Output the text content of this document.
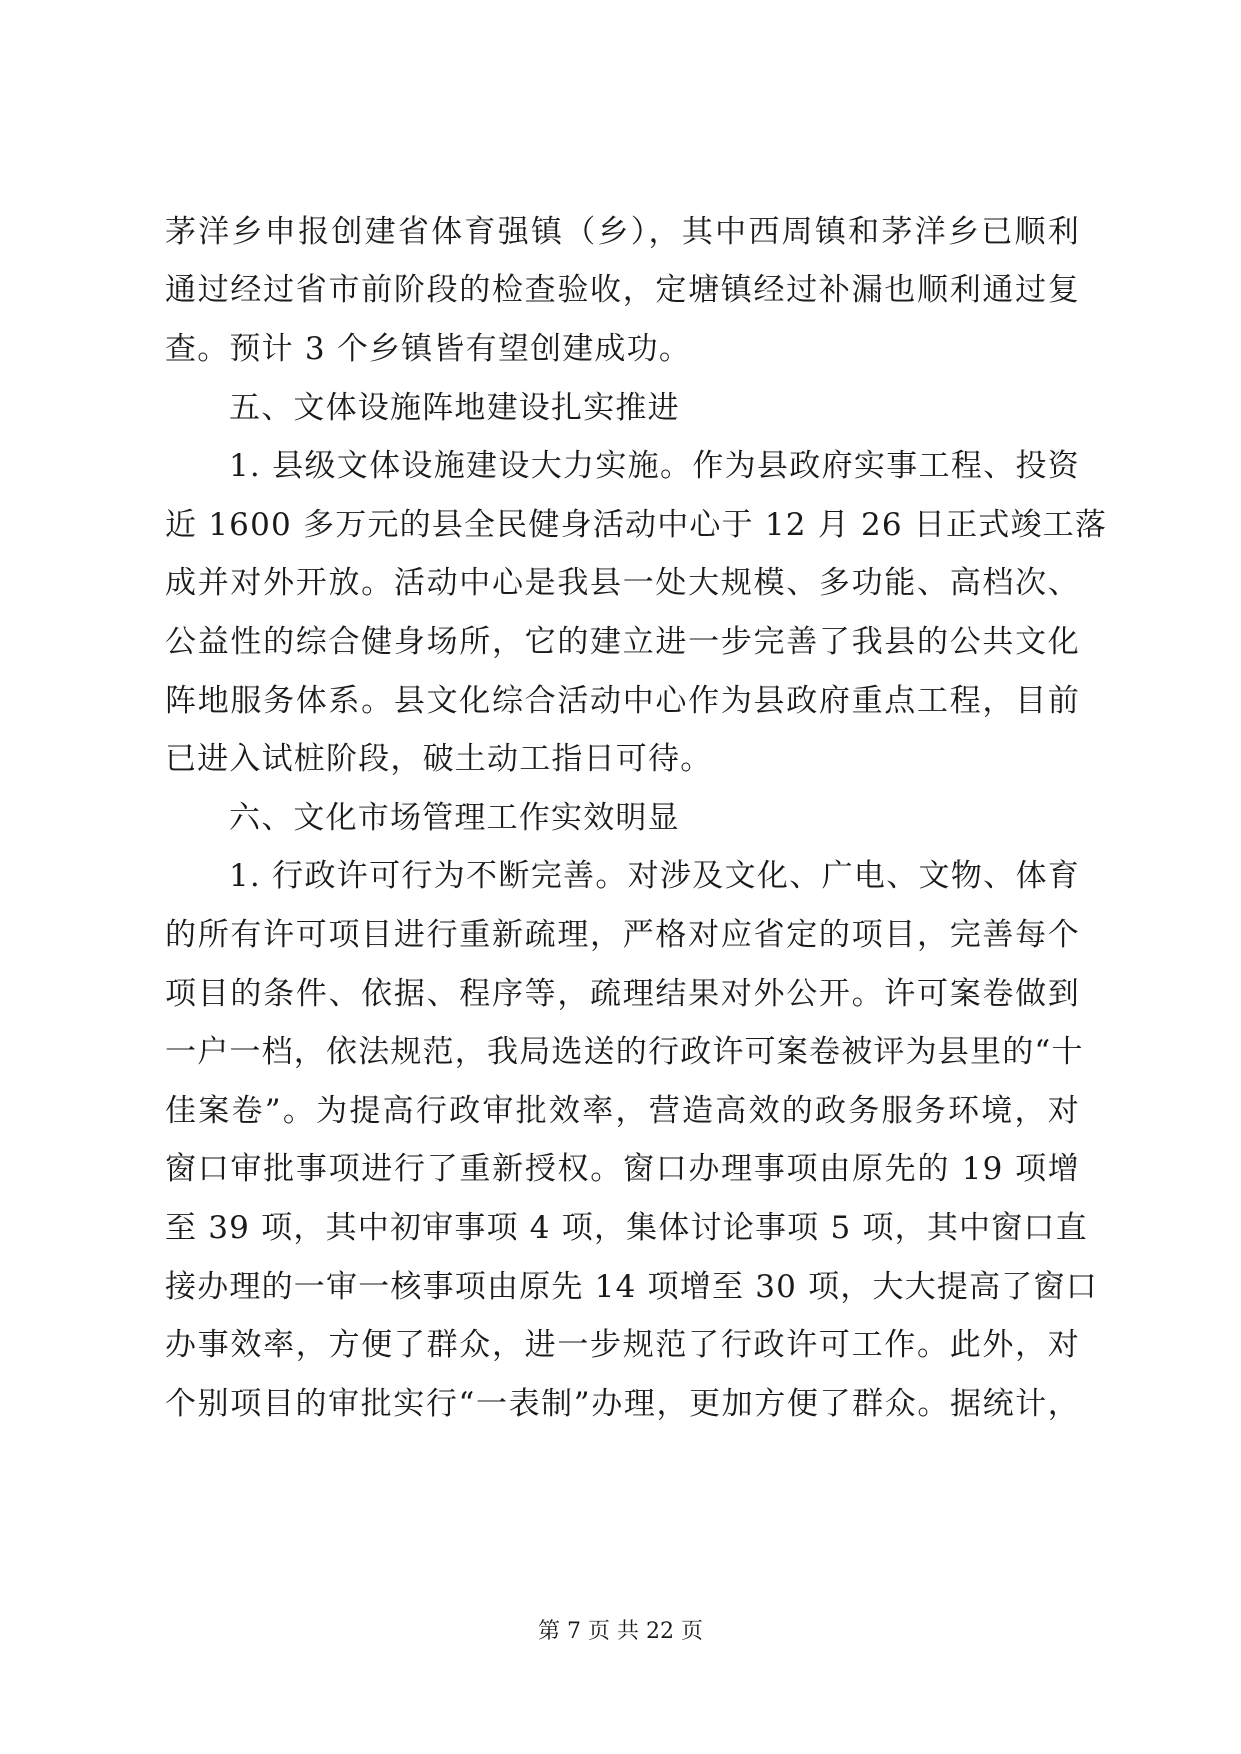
茅洋乡申报创建省体育强镇（乡），其中西周镇和茅洋乡已顺利
通过经过省市前阶段的检查验收，定塘镇经过补漏也顺利通过复
查。预计 3 个乡镇皆有望创建成功。
五、文体设施阵地建设扎实推进
1. 县级文体设施建设大力实施。作为县政府实事工程、投资
近 1600 多万元的县全民健身活动中心于 12 月 26 日正式竣工落
成并对外开放。活动中心是我县一处大规模、多功能、高档次、
公益性的综合健身场所，它的建立进一步完善了我县的公共文化
阵地服务体系。县文化综合活动中心作为县政府重点工程，目前
已进入试桩阶段，破土动工指日可待。
六、文化市场管理工作实效明显
1. 行政许可行为不断完善。对涉及文化、广电、文物、体育
的所有许可项目进行重新疏理，严格对应省定的项目，完善每个
项目的条件、依据、程序等，疏理结果对外公开。许可案卷做到
一户一档，依法规范，我局选送的行政许可案卷被评为县里的“十
佳案卷”。为提高行政审批效率，营造高效的政务服务环境，对
窗口审批事项进行了重新授权。窗口办理事项由原先的 19 项增
至 39 项，其中初审事项 4 项，集体讨论事项 5 项，其中窗口直
接办理的一审一核事项由原先 14 项增至 30 项，大大提高了窗口
办事效率，方便了群众，进一步规范了行政许可工作。此外，对
个别项目的审批实行“一表制”办理，更加方便了群众。据统计，
第 7 页 共 22 页
